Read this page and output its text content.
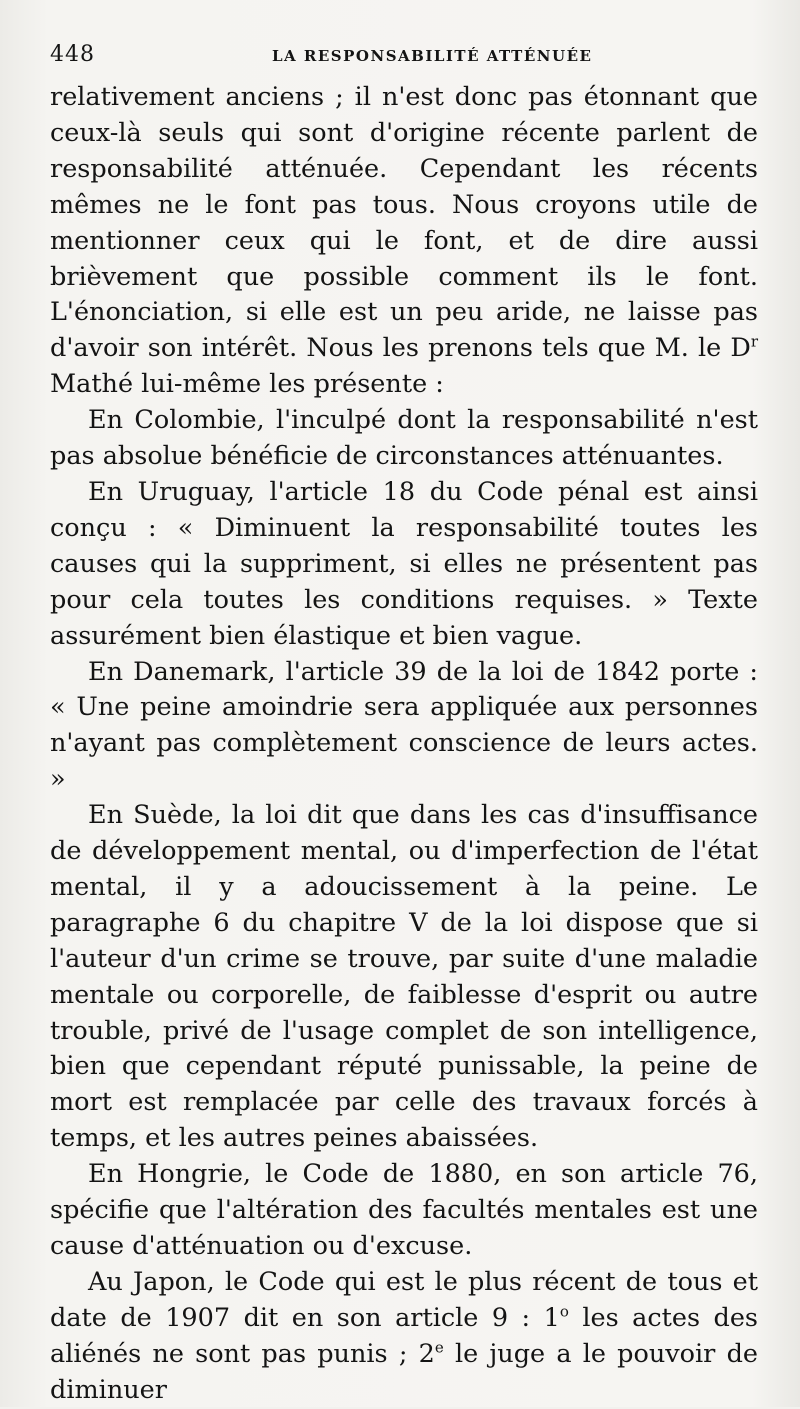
448	LA RESPONSABILITÉ ATTÉNUÉE

relativement anciens ; il n'est donc pas étonnant que ceux-là seuls qui sont d'origine récente parlent de responsabilité atténuée. Cependant les récents mêmes ne le font pas tous. Nous croyons utile de mentionner ceux qui le font, et de dire aussi brièvement que possible comment ils le font. L'énonciation, si elle est un peu aride, ne laisse pas d'avoir son intérêt. Nous les prenons tels que M. le $D^r$ Mathé lui-même les présente :

En Colombie, l'inculpé dont la responsabilité n'est pas absolue bénéficie de circonstances atténuantes.

En Uruguay, l'article 18 du Code pénal est ainsi conçu : « Diminuent la responsabilité toutes les causes qui la suppriment, si elles ne présentent pas pour cela toutes les conditions requises. » Texte assurément bien élastique et bien vague.

En Danemark, l'article 39 de la loi de 1842 porte : « Une peine amoindrie sera appliquée aux personnes n'ayant pas complètement conscience de leurs actes. »

En Suède, la loi dit que dans les cas d'insuffisance de développement mental, ou d'imperfection de l'état mental, il y a adoucissement à la peine. Le paragraphe 6 du chapitre V de la loi dispose que si l'auteur d'un crime se trouve, par suite d'une maladie mentale ou corporelle, de faiblesse d'esprit ou autre trouble, privé de l'usage complet de son intelligence, bien que cependant réputé punissable, la peine de mort est remplacée par celle des travaux forcés à temps, et les autres peines abaissées.

En Hongrie, le Code de 1880, en son article 76, spécifie que l'altération des facultés mentales est une cause d'atténuation ou d'excuse.

Au Japon, le Code qui est le plus récent de tous et date de 1907 dit en son article 9 : 1$^o$ les actes des aliénés ne sont pas punis ; 2e le juge a le pouvoir de diminuer
